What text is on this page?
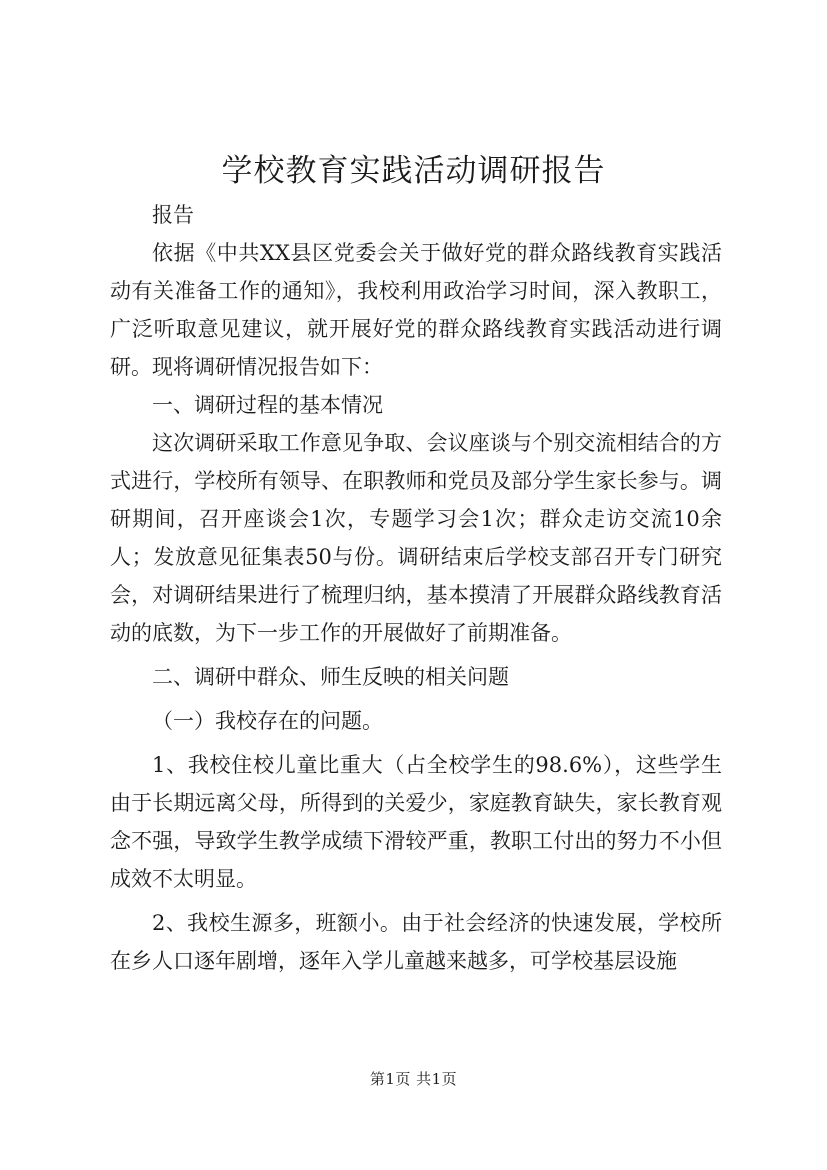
学校教育实践活动调研报告

报告

依据《中共XX县区党委会关于做好党的群众路线教育实践活动有关准备工作的通知》，我校利用政治学习时间，深入教职工，广泛听取意见建议，就开展好党的群众路线教育实践活动进行调研。现将调研情况报告如下：

一、调研过程的基本情况

这次调研采取工作意见争取、会议座谈与个别交流相结合的方式进行，学校所有领导、在职教师和党员及部分学生家长参与。调研期间，召开座谈会1次，专题学习会1次；群众走访交流10余人；发放意见征集表50与份。调研结束后学校支部召开专门研究会，对调研结果进行了梳理归纳，基本摸清了开展群众路线教育活动的底数，为下一步工作的开展做好了前期准备。

二、调研中群众、师生反映的相关问题

（一）我校存在的问题。

1、我校住校儿童比重大（占全校学生的98.6%），这些学生由于长期远离父母，所得到的关爱少，家庭教育缺失，家长教育观念不强，导致学生教学成绩下滑较严重，教职工付出的努力不小但成效不太明显。

2、我校生源多，班额小。由于社会经济的快速发展，学校所在乡人口逐年剧增，逐年入学儿童越来越多，可学校基层设施

第1页 共1页
